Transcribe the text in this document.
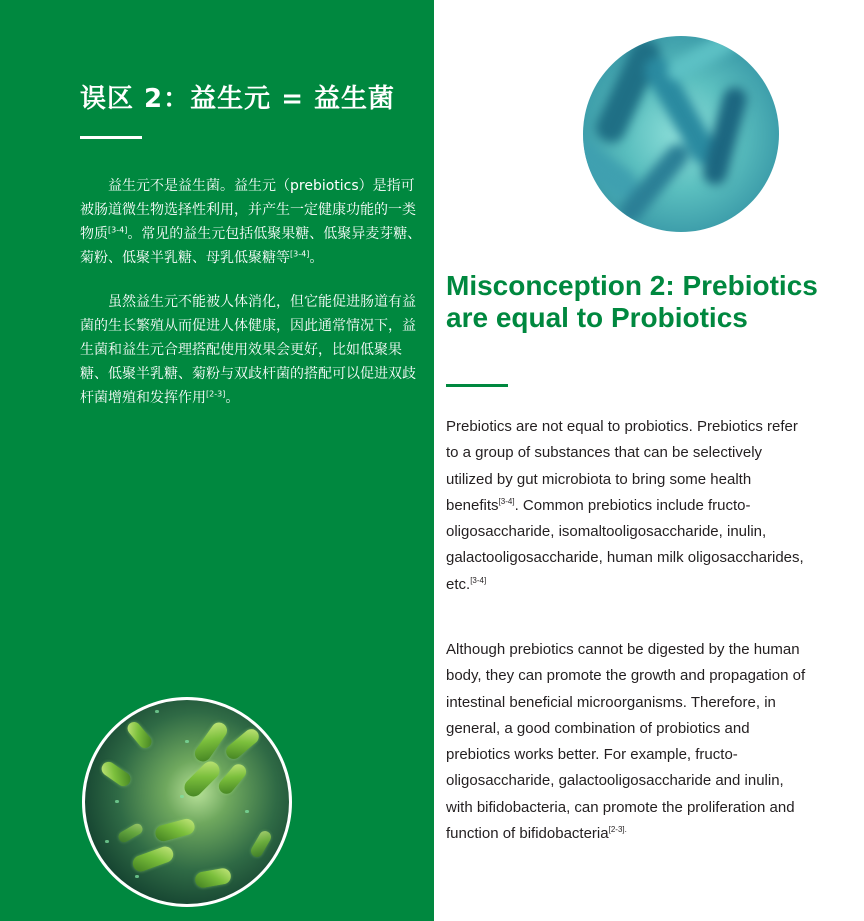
误区 2：益生元 = 益生菌

益生元不是益生菌。益生元（prebiotics）是指可被肠道微生物选择性利用，并产生一定健康功能的一类物质[3-4]。常见的益生元包括低聚果糖、低聚异麦芽糖、菊粉、低聚半乳糖、母乳低聚糖等[3-4]。

虽然益生元不能被人体消化，但它能促进肠道有益菌的生长繁殖从而促进人体健康，因此通常情况下，益生菌和益生元合理搭配使用效果会更好，比如低聚果糖、低聚半乳糖、菊粉与双歧杆菌的搭配可以促进双歧杆菌增殖和发挥作用[2-3]。

Misconception 2: Prebiotics are equal to Probiotics

Prebiotics are not equal to probiotics. Prebiotics refer to a group of substances that can be selectively utilized by gut microbiota to bring some health benefits[3-4]. Common prebiotics include fructo-oligosaccharide, isomaltooligosaccharide, inulin, galactooligosaccharide, human milk oligosaccharides, etc.[3-4]

Although prebiotics cannot be digested by the human body, they can promote the growth and propagation of intestinal beneficial microorganisms. Therefore, in general, a good combination of probiotics and prebiotics works better. For example, fructo-oligosaccharide, galactooligosaccharide and inulin, with bifidobacteria, can promote the proliferation and function of bifidobacteria$^{[2-3].}$
